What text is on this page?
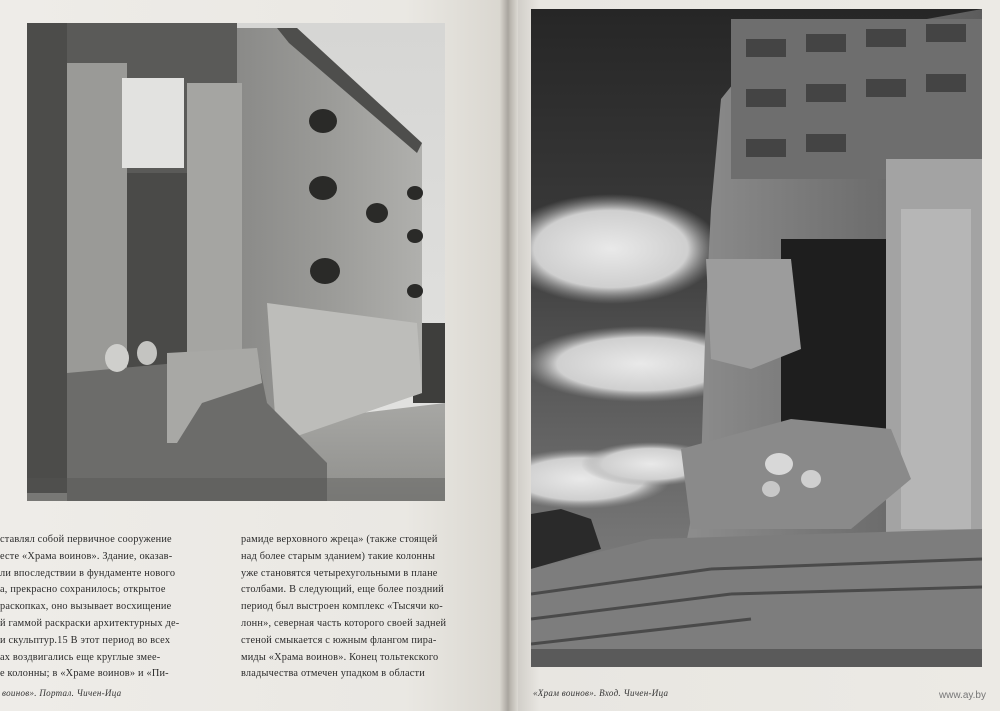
ставлял собой первичное сооружение
есте «Храма воинов». Здание, оказав-
ли впоследствии в фундаменте нового
а, прекрасно сохранилось; открытое
раскопках, оно вызывает восхищение
й гаммой раскраски архитектурных де-
и скульптур.15 В этот период во всех
ах воздвигались еще круглые змее-
е колонны; в «Храме воинов» и «Пи-
рамиде верховного жреца» (также стоящей
над более старым зданием) такие колонны
уже становятся четырехугольными в плане
столбами. В следующий, еще более поздний
период был выстроен комплекс «Тысячи ко-
лонн», северная часть которого своей задней
стеной смыкается с южным флангом пира-
миды «Храма воинов». Конец тольтекского
владычества отмечен упадком в области
воинов». Портал. Чичен-Ица	«Храм воинов». Вход. Чичен-Ица	www.ay.by
